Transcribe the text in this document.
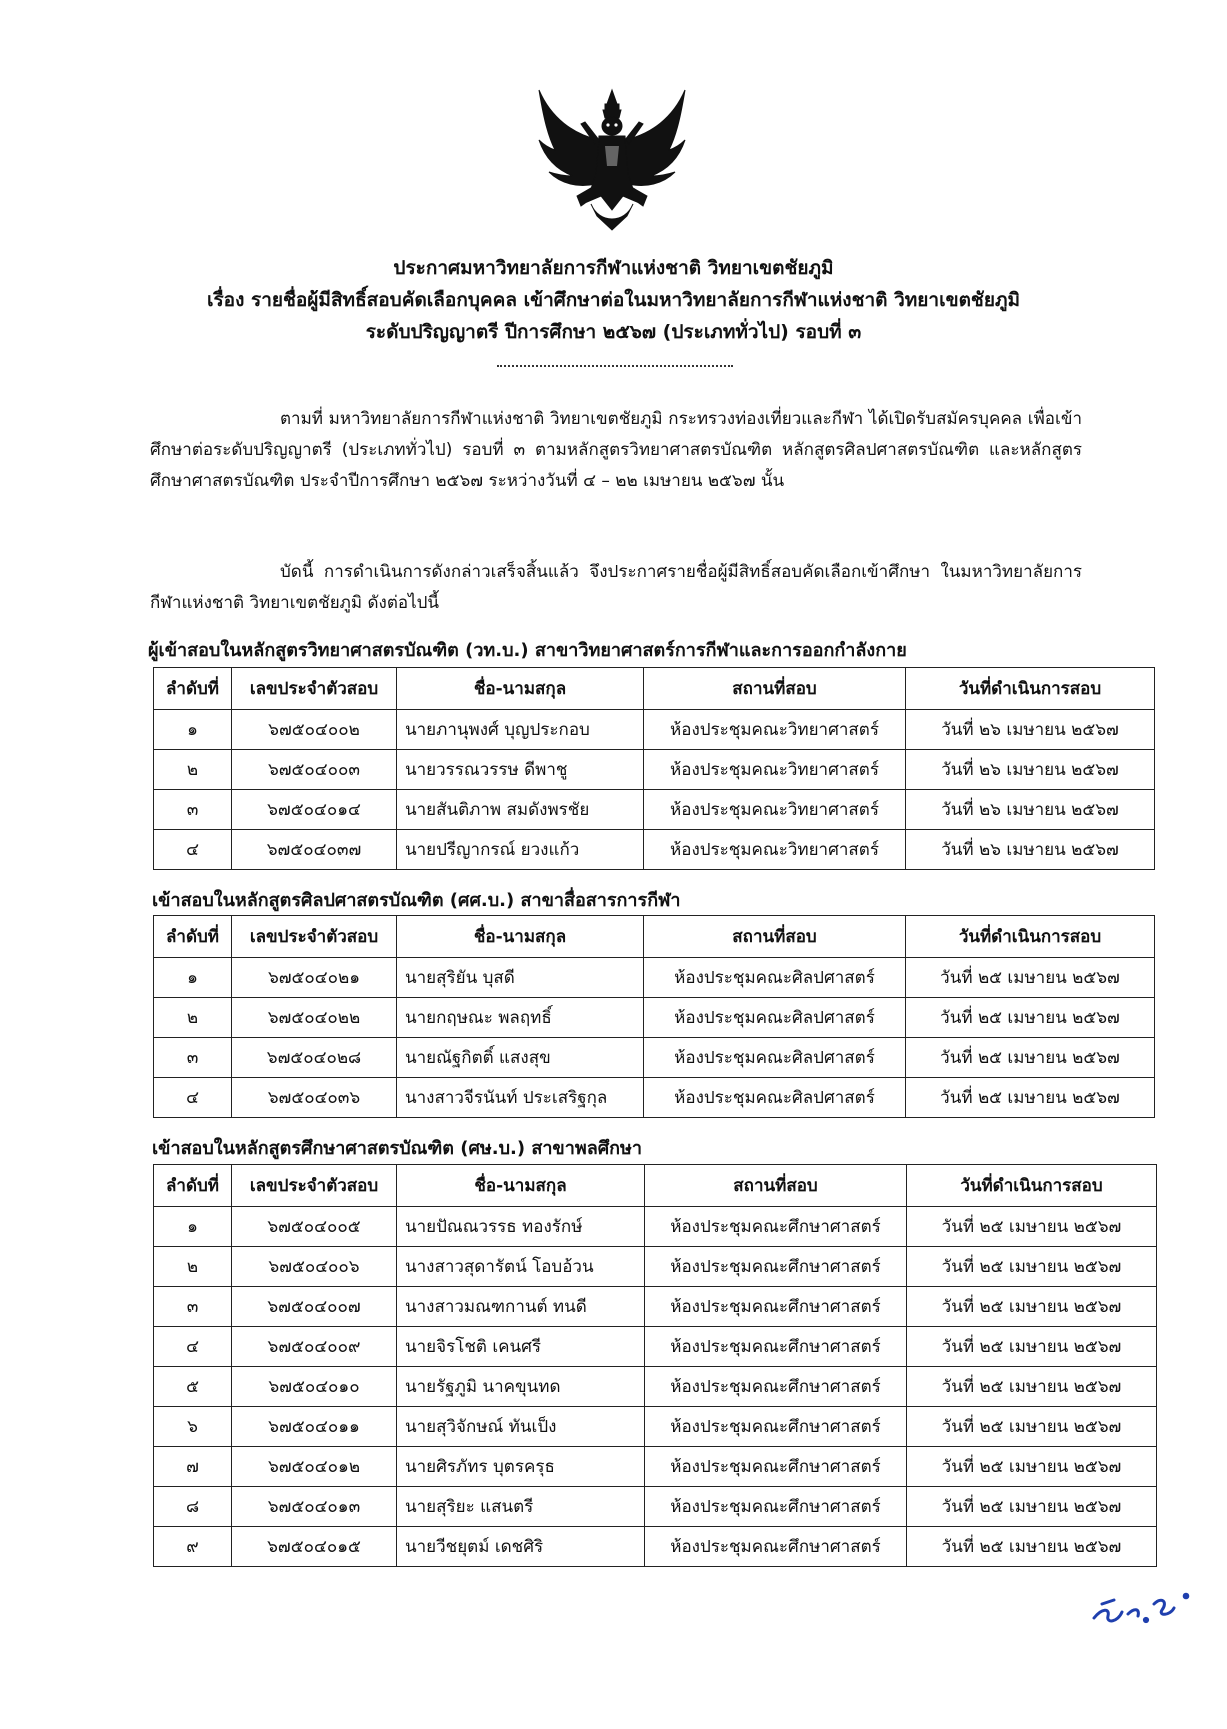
ประกาศมหาวิทยาลัยการกีฬาแห่งชาติ วิทยาเขตชัยภูมิ
เรื่อง รายชื่อผู้มีสิทธิ์สอบคัดเลือกบุคคล เข้าศึกษาต่อในมหาวิทยาลัยการกีฬาแห่งชาติ วิทยาเขตชัยภูมิ
ระดับปริญญาตรี ปีการศึกษา ๒๕๖๗ (ประเภททั่วไป) รอบที่ ๓
ตามที่ มหาวิทยาลัยการกีฬาแห่งชาติ วิทยาเขตชัยภูมิ กระทรวงท่องเที่ยวและกีฬา ได้เปิดรับสมัครบุคคล เพื่อเข้าศึกษาต่อระดับปริญญาตรี (ประเภททั่วไป) รอบที่ ๓ ตามหลักสูตรวิทยาศาสตรบัณฑิต หลักสูตรศิลปศาสตรบัณฑิต และหลักสูตรศึกษาศาสตรบัณฑิต ประจำปีการศึกษา ๒๕๖๗ ระหว่างวันที่ ๔ – ๒๒ เมษายน ๒๕๖๗ นั้น
บัดนี้ การดำเนินการดังกล่าวเสร็จสิ้นแล้ว จึงประกาศรายชื่อผู้มีสิทธิ์สอบคัดเลือกเข้าศึกษา ในมหาวิทยาลัยการกีฬาแห่งชาติ วิทยาเขตชัยภูมิ ดังต่อไปนี้
ผู้เข้าสอบในหลักสูตรวิทยาศาสตรบัณฑิต (วท.บ.) สาขาวิทยาศาสตร์การกีฬาและการออกกำลังกาย
ลำดับที่	เลขประจำตัวสอบ	ชื่อ-นามสกุล	สถานที่สอบ	วันที่ดำเนินการสอบ
๑	๖๗๕๐๔๐๐๒	นายภานุพงศ์ บุญประกอบ	ห้องประชุมคณะวิทยาศาสตร์	วันที่ ๒๖ เมษายน ๒๕๖๗
๒	๖๗๕๐๔๐๐๓	นายวรรณวรรษ ดีพาชู	ห้องประชุมคณะวิทยาศาสตร์	วันที่ ๒๖ เมษายน ๒๕๖๗
๓	๖๗๕๐๔๐๑๔	นายสันติภาพ สมดังพรชัย	ห้องประชุมคณะวิทยาศาสตร์	วันที่ ๒๖ เมษายน ๒๕๖๗
๔	๖๗๕๐๔๐๓๗	นายปรีญากรณ์ ยวงแก้ว	ห้องประชุมคณะวิทยาศาสตร์	วันที่ ๒๖ เมษายน ๒๕๖๗
เข้าสอบในหลักสูตรศิลปศาสตรบัณฑิต (ศศ.บ.) สาขาสื่อสารการกีฬา
ลำดับที่	เลขประจำตัวสอบ	ชื่อ-นามสกุล	สถานที่สอบ	วันที่ดำเนินการสอบ
๑	๖๗๕๐๔๐๒๑	นายสุริยัน บุสดี	ห้องประชุมคณะศิลปศาสตร์	วันที่ ๒๕ เมษายน ๒๕๖๗
๒	๖๗๕๐๔๐๒๒	นายกฤษณะ พลฤทธิ์	ห้องประชุมคณะศิลปศาสตร์	วันที่ ๒๕ เมษายน ๒๕๖๗
๓	๖๗๕๐๔๐๒๘	นายณัฐกิตติ์ แสงสุข	ห้องประชุมคณะศิลปศาสตร์	วันที่ ๒๕ เมษายน ๒๕๖๗
๔	๖๗๕๐๔๐๓๖	นางสาวจีรนันท์ ประเสริฐกุล	ห้องประชุมคณะศิลปศาสตร์	วันที่ ๒๕ เมษายน ๒๕๖๗
เข้าสอบในหลักสูตรศึกษาศาสตรบัณฑิต (ศษ.บ.) สาขาพลศึกษา
ลำดับที่	เลขประจำตัวสอบ	ชื่อ-นามสกุล	สถานที่สอบ	วันที่ดำเนินการสอบ
๑	๖๗๕๐๔๐๐๕	นายปัณณวรรธ ทองรักษ์	ห้องประชุมคณะศึกษาศาสตร์	วันที่ ๒๕ เมษายน ๒๕๖๗
๒	๖๗๕๐๔๐๐๖	นางสาวสุดารัตน์ โอบอ้วน	ห้องประชุมคณะศึกษาศาสตร์	วันที่ ๒๕ เมษายน ๒๕๖๗
๓	๖๗๕๐๔๐๐๗	นางสาวมณฑกานต์ ทนดี	ห้องประชุมคณะศึกษาศาสตร์	วันที่ ๒๕ เมษายน ๒๕๖๗
๔	๖๗๕๐๔๐๐๙	นายจิรโชติ เคนศรี	ห้องประชุมคณะศึกษาศาสตร์	วันที่ ๒๕ เมษายน ๒๕๖๗
๕	๖๗๕๐๔๐๑๐	นายรัฐภูมิ นาคขุนทด	ห้องประชุมคณะศึกษาศาสตร์	วันที่ ๒๕ เมษายน ๒๕๖๗
๖	๖๗๕๐๔๐๑๑	นายสุวิจักษณ์ ทันเป็ง	ห้องประชุมคณะศึกษาศาสตร์	วันที่ ๒๕ เมษายน ๒๕๖๗
๗	๖๗๕๐๔๐๑๒	นายศิรภัทร บุตรครุธ	ห้องประชุมคณะศึกษาศาสตร์	วันที่ ๒๕ เมษายน ๒๕๖๗
๘	๖๗๕๐๔๐๑๓	นายสุริยะ แสนตรี	ห้องประชุมคณะศึกษาศาสตร์	วันที่ ๒๕ เมษายน ๒๕๖๗
๙	๖๗๕๐๔๐๑๕	นายวีชยุตม์ เดชศิริ	ห้องประชุมคณะศึกษาศาสตร์	วันที่ ๒๕ เมษายน ๒๕๖๗
